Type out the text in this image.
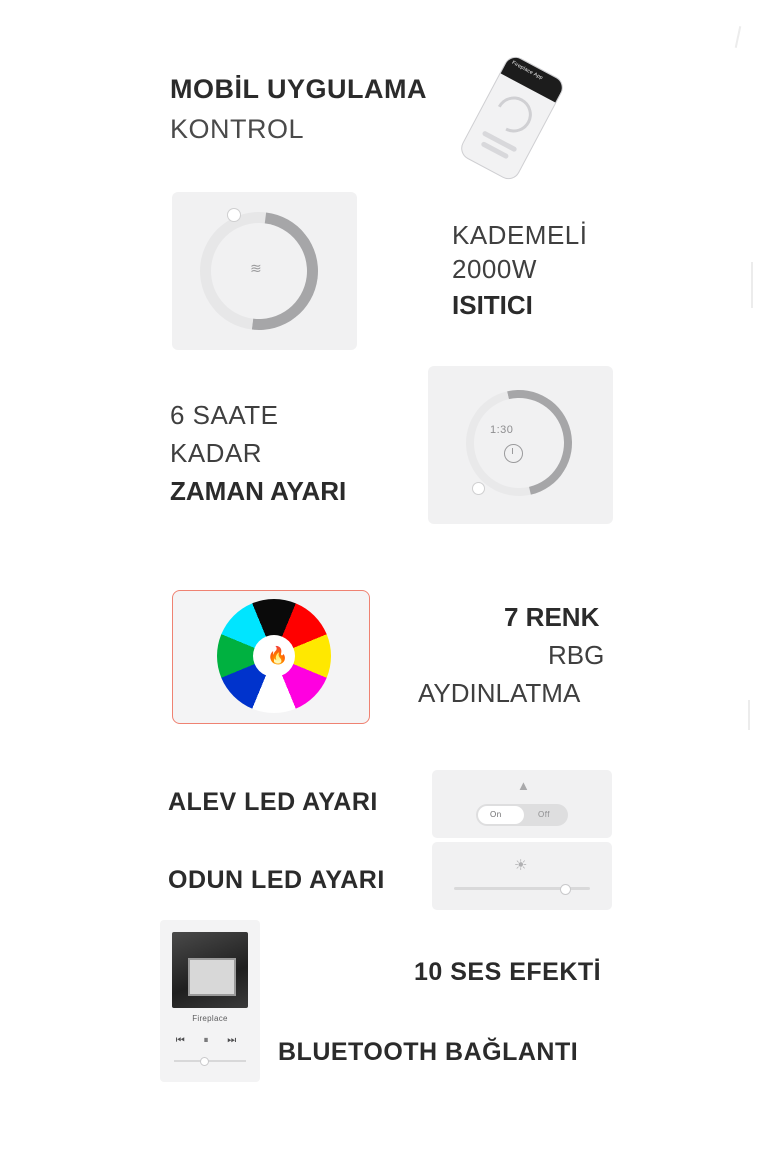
MOBİL UYGULAMA
KONTROL
Fireplace App
≋
KADEMELİ
2000W
ISITICI
6 SAATE
KADAR
ZAMAN AYARI
1:30
🔥
7 RENK
RBG
AYDINLATMA
ALEV LED AYARI
▲
On	Off
ODUN LED AYARI
☀
Fireplace
⏮ ⏸ ⏭
10 SES EFEKTİ
BLUETOOTH BAĞLANTI
